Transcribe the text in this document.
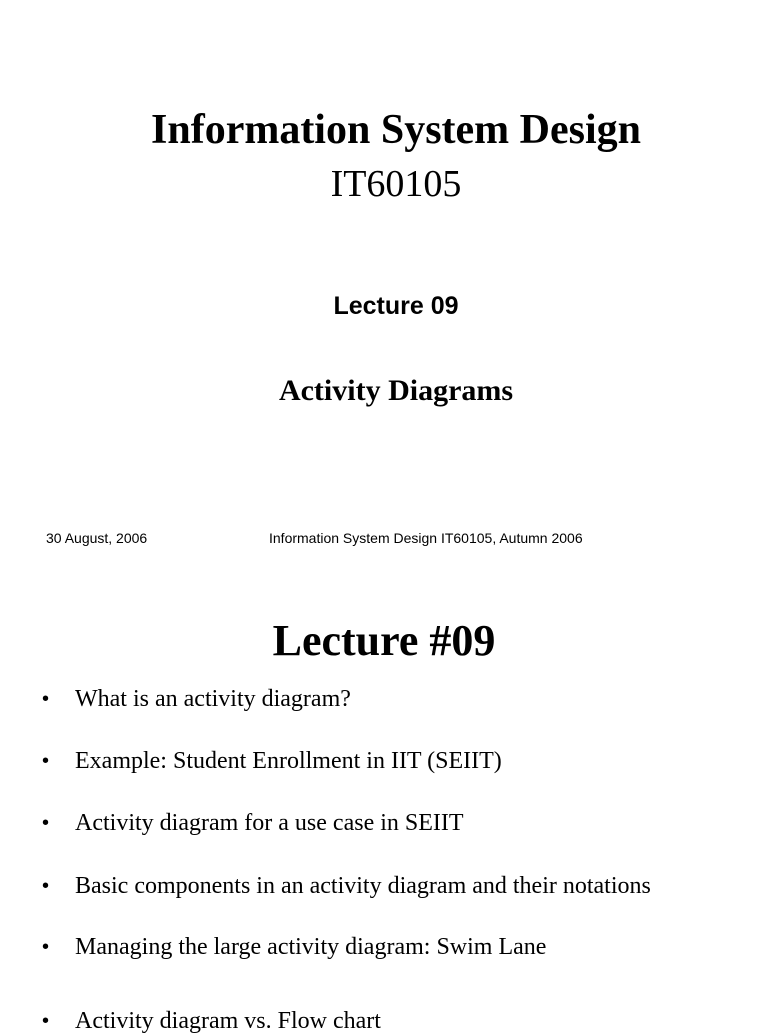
Information System Design
IT60105
Lecture 09
Activity Diagrams
30 August, 2006	Information System Design IT60105, Autumn 2006
Lecture #09
• What is an activity diagram?
• Example: Student Enrollment in IIT (SEIIT)
• Activity diagram for a use case in SEIIT
• Basic components in an activity diagram and their notations
• Managing the large activity diagram: Swim Lane
• Activity diagram vs. Flow chart
